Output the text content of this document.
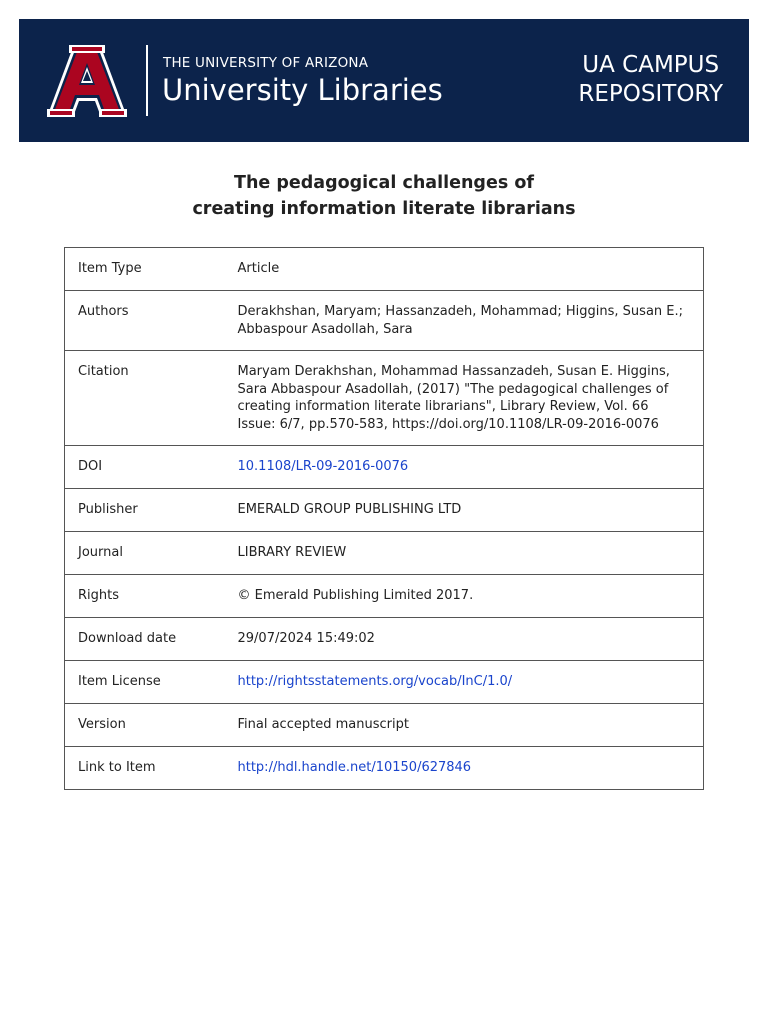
THE UNIVERSITY OF ARIZONA
University Libraries
UA CAMPUS
REPOSITORY
The pedagogical challenges of
creating information literate librarians
Item Type	Article
Authors	Derakhshan, Maryam; Hassanzadeh, Mohammad; Higgins, Susan E.; Abbaspour Asadollah, Sara
Citation	Maryam Derakhshan, Mohammad Hassanzadeh, Susan E. Higgins, Sara Abbaspour Asadollah, (2017) "The pedagogical challenges of creating information literate librarians", Library Review, Vol. 66 Issue: 6/7, pp.570-583, https://doi.org/10.1108/LR-09-2016-0076
DOI	10.1108/LR-09-2016-0076
Publisher	EMERALD GROUP PUBLISHING LTD
Journal	LIBRARY REVIEW
Rights	© Emerald Publishing Limited 2017.
Download date	29/07/2024 15:49:02
Item License	http://rightsstatements.org/vocab/InC/1.0/
Version	Final accepted manuscript
Link to Item	http://hdl.handle.net/10150/627846
